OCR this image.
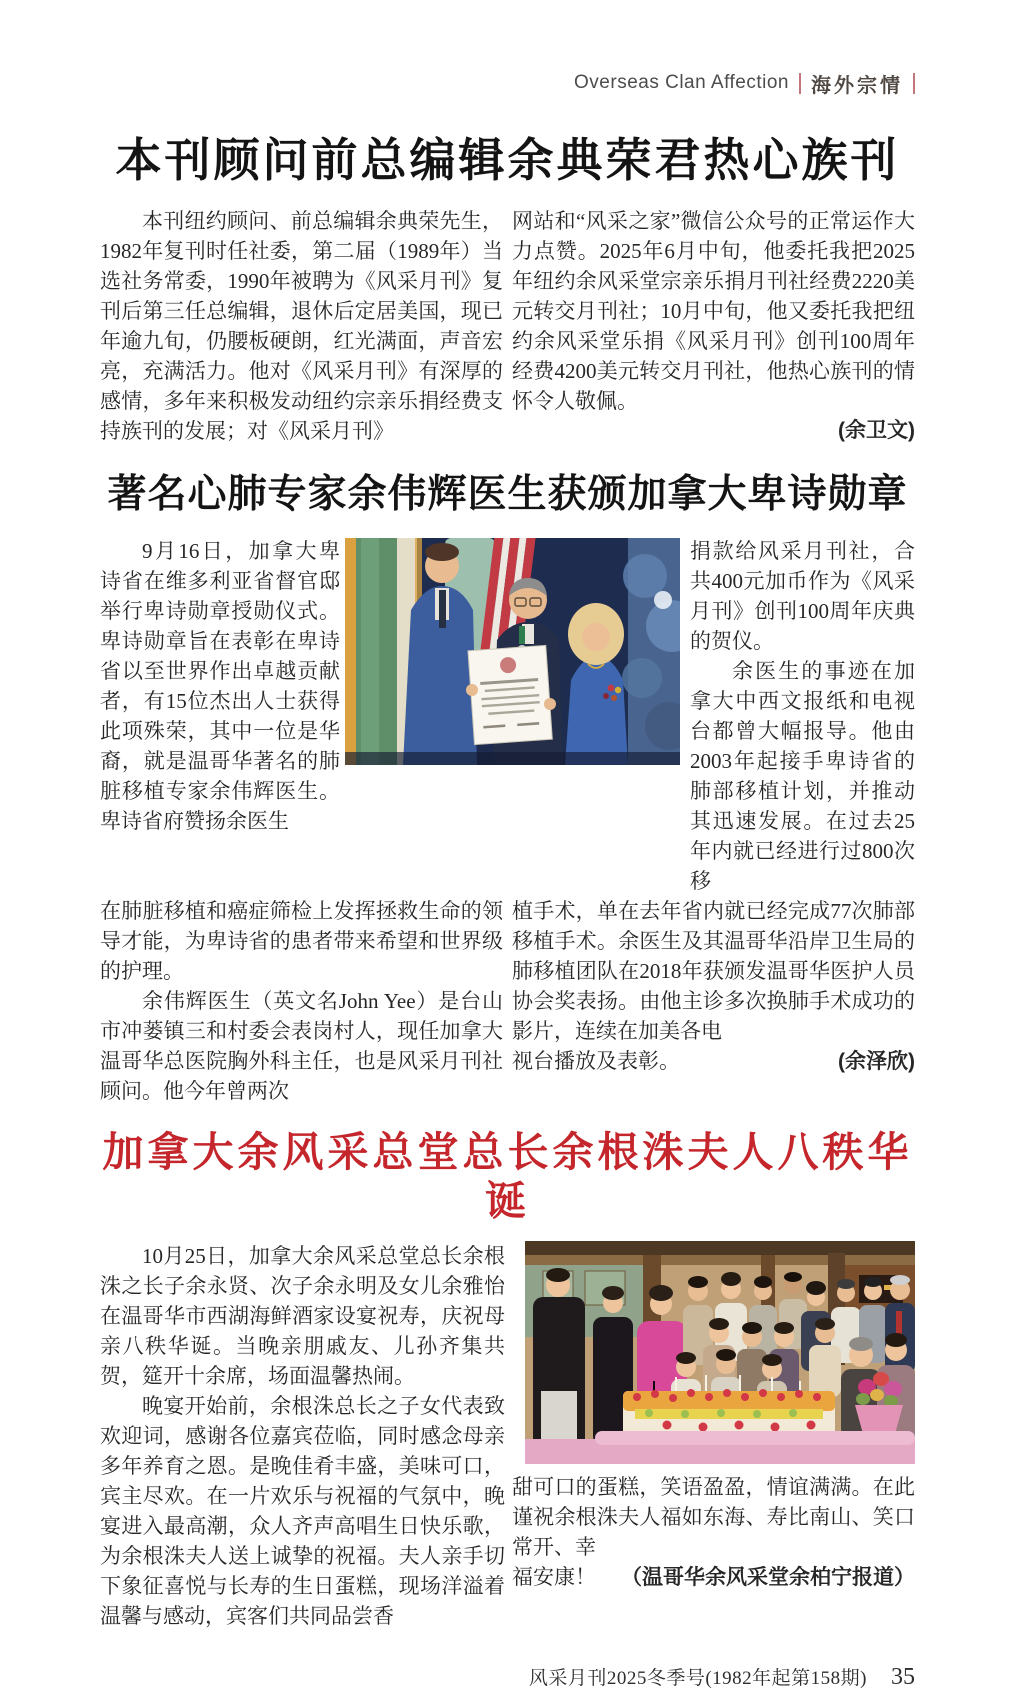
Overseas Clan Affection 海外宗情
本刊顾问前总编辑余典荣君热心族刊

本刊纽约顾问、前总编辑余典荣先生，1982年复刊时任社委，第二届（1989年）当选社务常委，1990年被聘为《风采月刊》复刊后第三任总编辑，退休后定居美国，现已年逾九旬，仍腰板硬朗，红光满面，声音宏亮，充满活力。他对《风采月刊》有深厚的感情，多年来积极发动纽约宗亲乐捐经费支持族刊的发展；对《风采月刊》

网站和“风采之家”微信公众号的正常运作大力点赞。2025年6月中旬，他委托我把2025年纽约余风采堂宗亲乐捐月刊社经费2220美元转交月刊社；10月中旬，他又委托我把纽约余风采堂乐捐《风采月刊》创刊100周年经费4200美元转交月刊社，他热心族刊的情怀令人敬佩。

(余卫文)
著名心肺专家余伟辉医生获颁加拿大卑诗勋章

9月16日，加拿大卑诗省在维多利亚省督官邸举行卑诗勋章授勋仪式。卑诗勋章旨在表彰在卑诗省以至世界作出卓越贡献者，有15位杰出人士获得此项殊荣，其中一位是华裔，就是温哥华著名的肺脏移植专家余伟辉医生。卑诗省府赞扬余医生

捐款给风采月刊社，合共400元加币作为《风采月刊》创刊100周年庆典的贺仪。

余医生的事迹在加拿大中西文报纸和电视台都曾大幅报导。他由2003年起接手卑诗省的肺部移植计划，并推动其迅速发展。在过去25年内就已经进行过800次移

在肺脏移植和癌症筛检上发挥拯救生命的领导才能，为卑诗省的患者带来希望和世界级的护理。

余伟辉医生（英文名John Yee）是台山市冲蒌镇三和村委会表岗村人，现任加拿大温哥华总医院胸外科主任，也是风采月刊社顾问。他今年曾两次

植手术，单在去年省内就已经完成77次肺部移植手术。余医生及其温哥华沿岸卫生局的肺移植团队在2018年获颁发温哥华医护人员协会奖表扬。由他主诊多次换肺手术成功的影片，连续在加美各电

视台播放及表彰。	(余泽欣)
加拿大余风采总堂总长余根洙夫人八秩华诞

10月25日，加拿大余风采总堂总长余根洙之长子余永贤、次子余永明及女儿余雅怡在温哥华市西湖海鲜酒家设宴祝寿，庆祝母亲八秩华诞。当晚亲朋戚友、儿孙齐集共贺，筵开十余席，场面温馨热闹。

晚宴开始前，余根洙总长之子女代表致欢迎词，感谢各位嘉宾莅临，同时感念母亲多年养育之恩。是晚佳肴丰盛，美味可口，宾主尽欢。在一片欢乐与祝福的气氛中，晚宴进入最高潮，众人齐声高唱生日快乐歌，为余根洙夫人送上诚挚的祝福。夫人亲手切下象征喜悦与长寿的生日蛋糕，现场洋溢着温馨与感动，宾客们共同品尝香

甜可口的蛋糕，笑语盈盈，情谊满满。在此谨祝余根洙夫人福如东海、寿比南山、笑口常开、幸

福安康！ （温哥华余风采堂余柏宁报道）
风采月刊2025冬季号(1982年起第158期) 35
